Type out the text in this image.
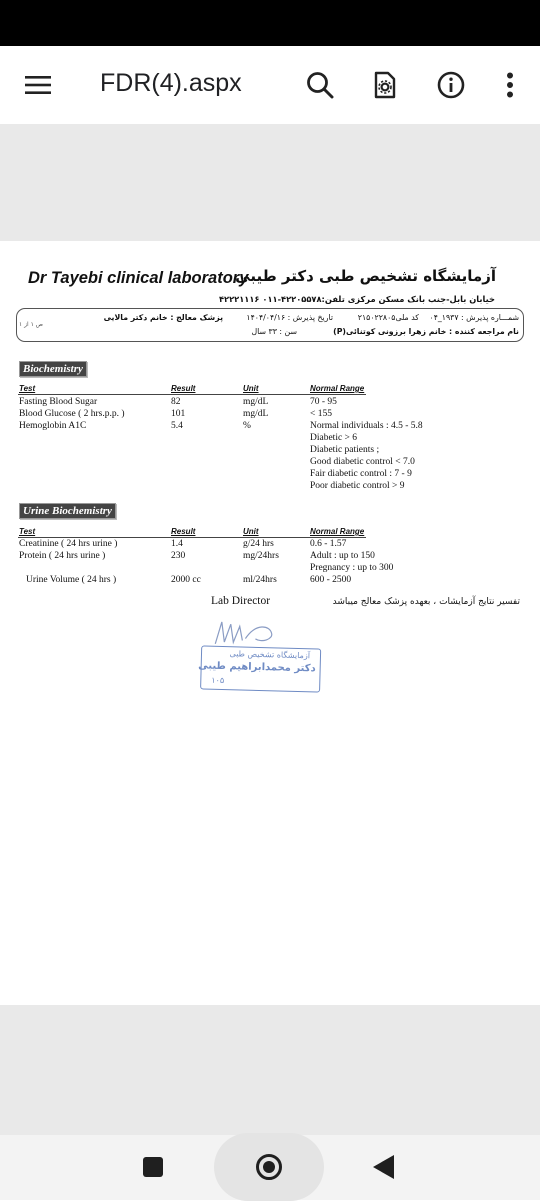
FDR(4).aspx
Dr Tayebi clinical laboratory
آزمایشگاه تشخیص طبی دکتر طیبی
خیابان بابل-جنب بانک مسکن مرکزی تلفن:۴۲۲۰۵۵۷۸-۰۱۱ ۴۲۲۲۱۱۱۶
شمـــاره پذیرش : ۱۹۳۷_۰۴
کد ملی۲۱۵۰۲۲۸۰۵
تاریخ پذیرش : ۱۴۰۴/۰۴/۱۶
پزشک معالج : خانم دکتر مالایی
نام مراجعه کننده : خانم زهرا برزونی کوتنائی(P)
سن : ۳۳ سال
ص ۱ از ۱
Biochemistry
Test	Result	Unit	Normal Range
Fasting Blood Sugar	82	mg/dL	70 - 95
Blood Glucose ( 2 hrs.p.p. )	101	mg/dL	< 155
Hemoglobin A1C	5.4	%	Normal individuals : 4.5 - 5.8
Diabetic > 6
Diabetic patients ;
Good diabetic control < 7.0
Fair diabetic control : 7 - 9
Poor diabetic control > 9
Urine Biochemistry
Test	Result	Unit	Normal Range
Creatinine ( 24 hrs urine )	1.4	g/24 hrs	0.6 - 1.57
Protein ( 24 hrs urine )	230	mg/24hrs	Adult : up to 150
Pregnancy : up to 300
Urine Volume ( 24 hrs )	2000 cc	ml/24hrs	600 - 2500
Lab Director	تفسیر نتایج آزمایشات ، بعهده پزشک معالج میباشد
آزمایشگاه تشخیص طبی
دکتر محمدابراهیم طیبی
۱۰۵
